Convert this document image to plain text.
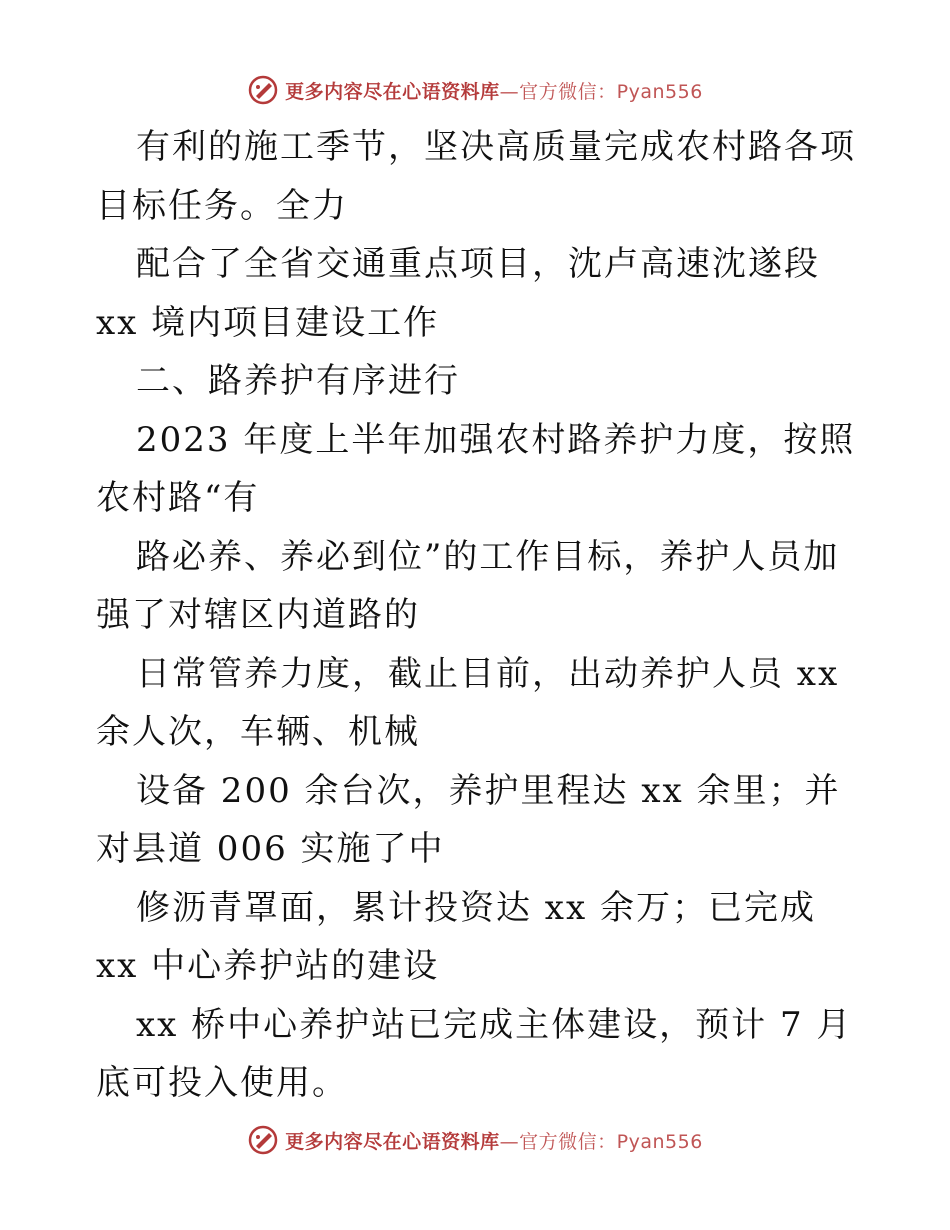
更多内容尽在心语资料库 —官方微信：Pyan556

有利的施工季节，坚决高质量完成农村路各项目标任务。全力

配合了全省交通重点项目，沈卢高速沈遂段 xx 境内项目建设工作

二、路养护有序进行

2023 年度上半年加强农村路养护力度，按照农村路“有

路必养、养必到位”的工作目标，养护人员加强了对辖区内道路的

日常管养力度，截止目前，出动养护人员 xx 余人次，车辆、机械

设备 200 余台次，养护里程达 xx 余里；并对县道 006 实施了中

修沥青罩面，累计投资达 xx 余万；已完成 xx 中心养护站的建设

xx 桥中心养护站已完成主体建设，预计 7 月底可投入使用。

更多内容尽在心语资料库 —官方微信：Pyan556
